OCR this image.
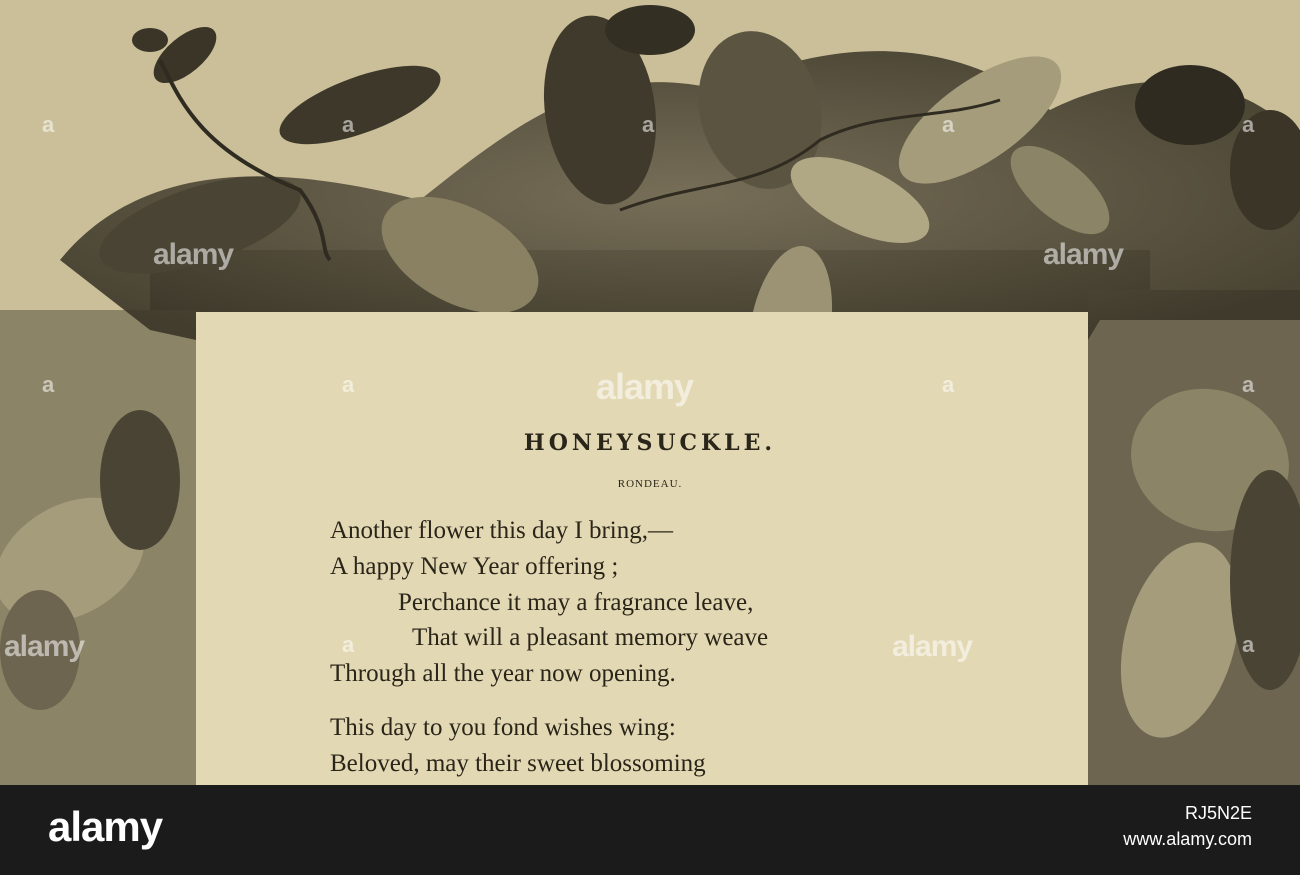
HONEYSUCKLE.

RONDEAU.

Another flower this day I bring,—

A happy New Year offering ;

Perchance it may a fragrance leave,

That will a pleasant memory weave

Through all the year now opening.

This day to you fond wishes wing:

Beloved, may their sweet blossoming

alamy
alamy	alamy
alamy	alamy
a	a	a	a	a
a	a
a	a
a	a
alamy	RJ5N2E
www.alamy.com
